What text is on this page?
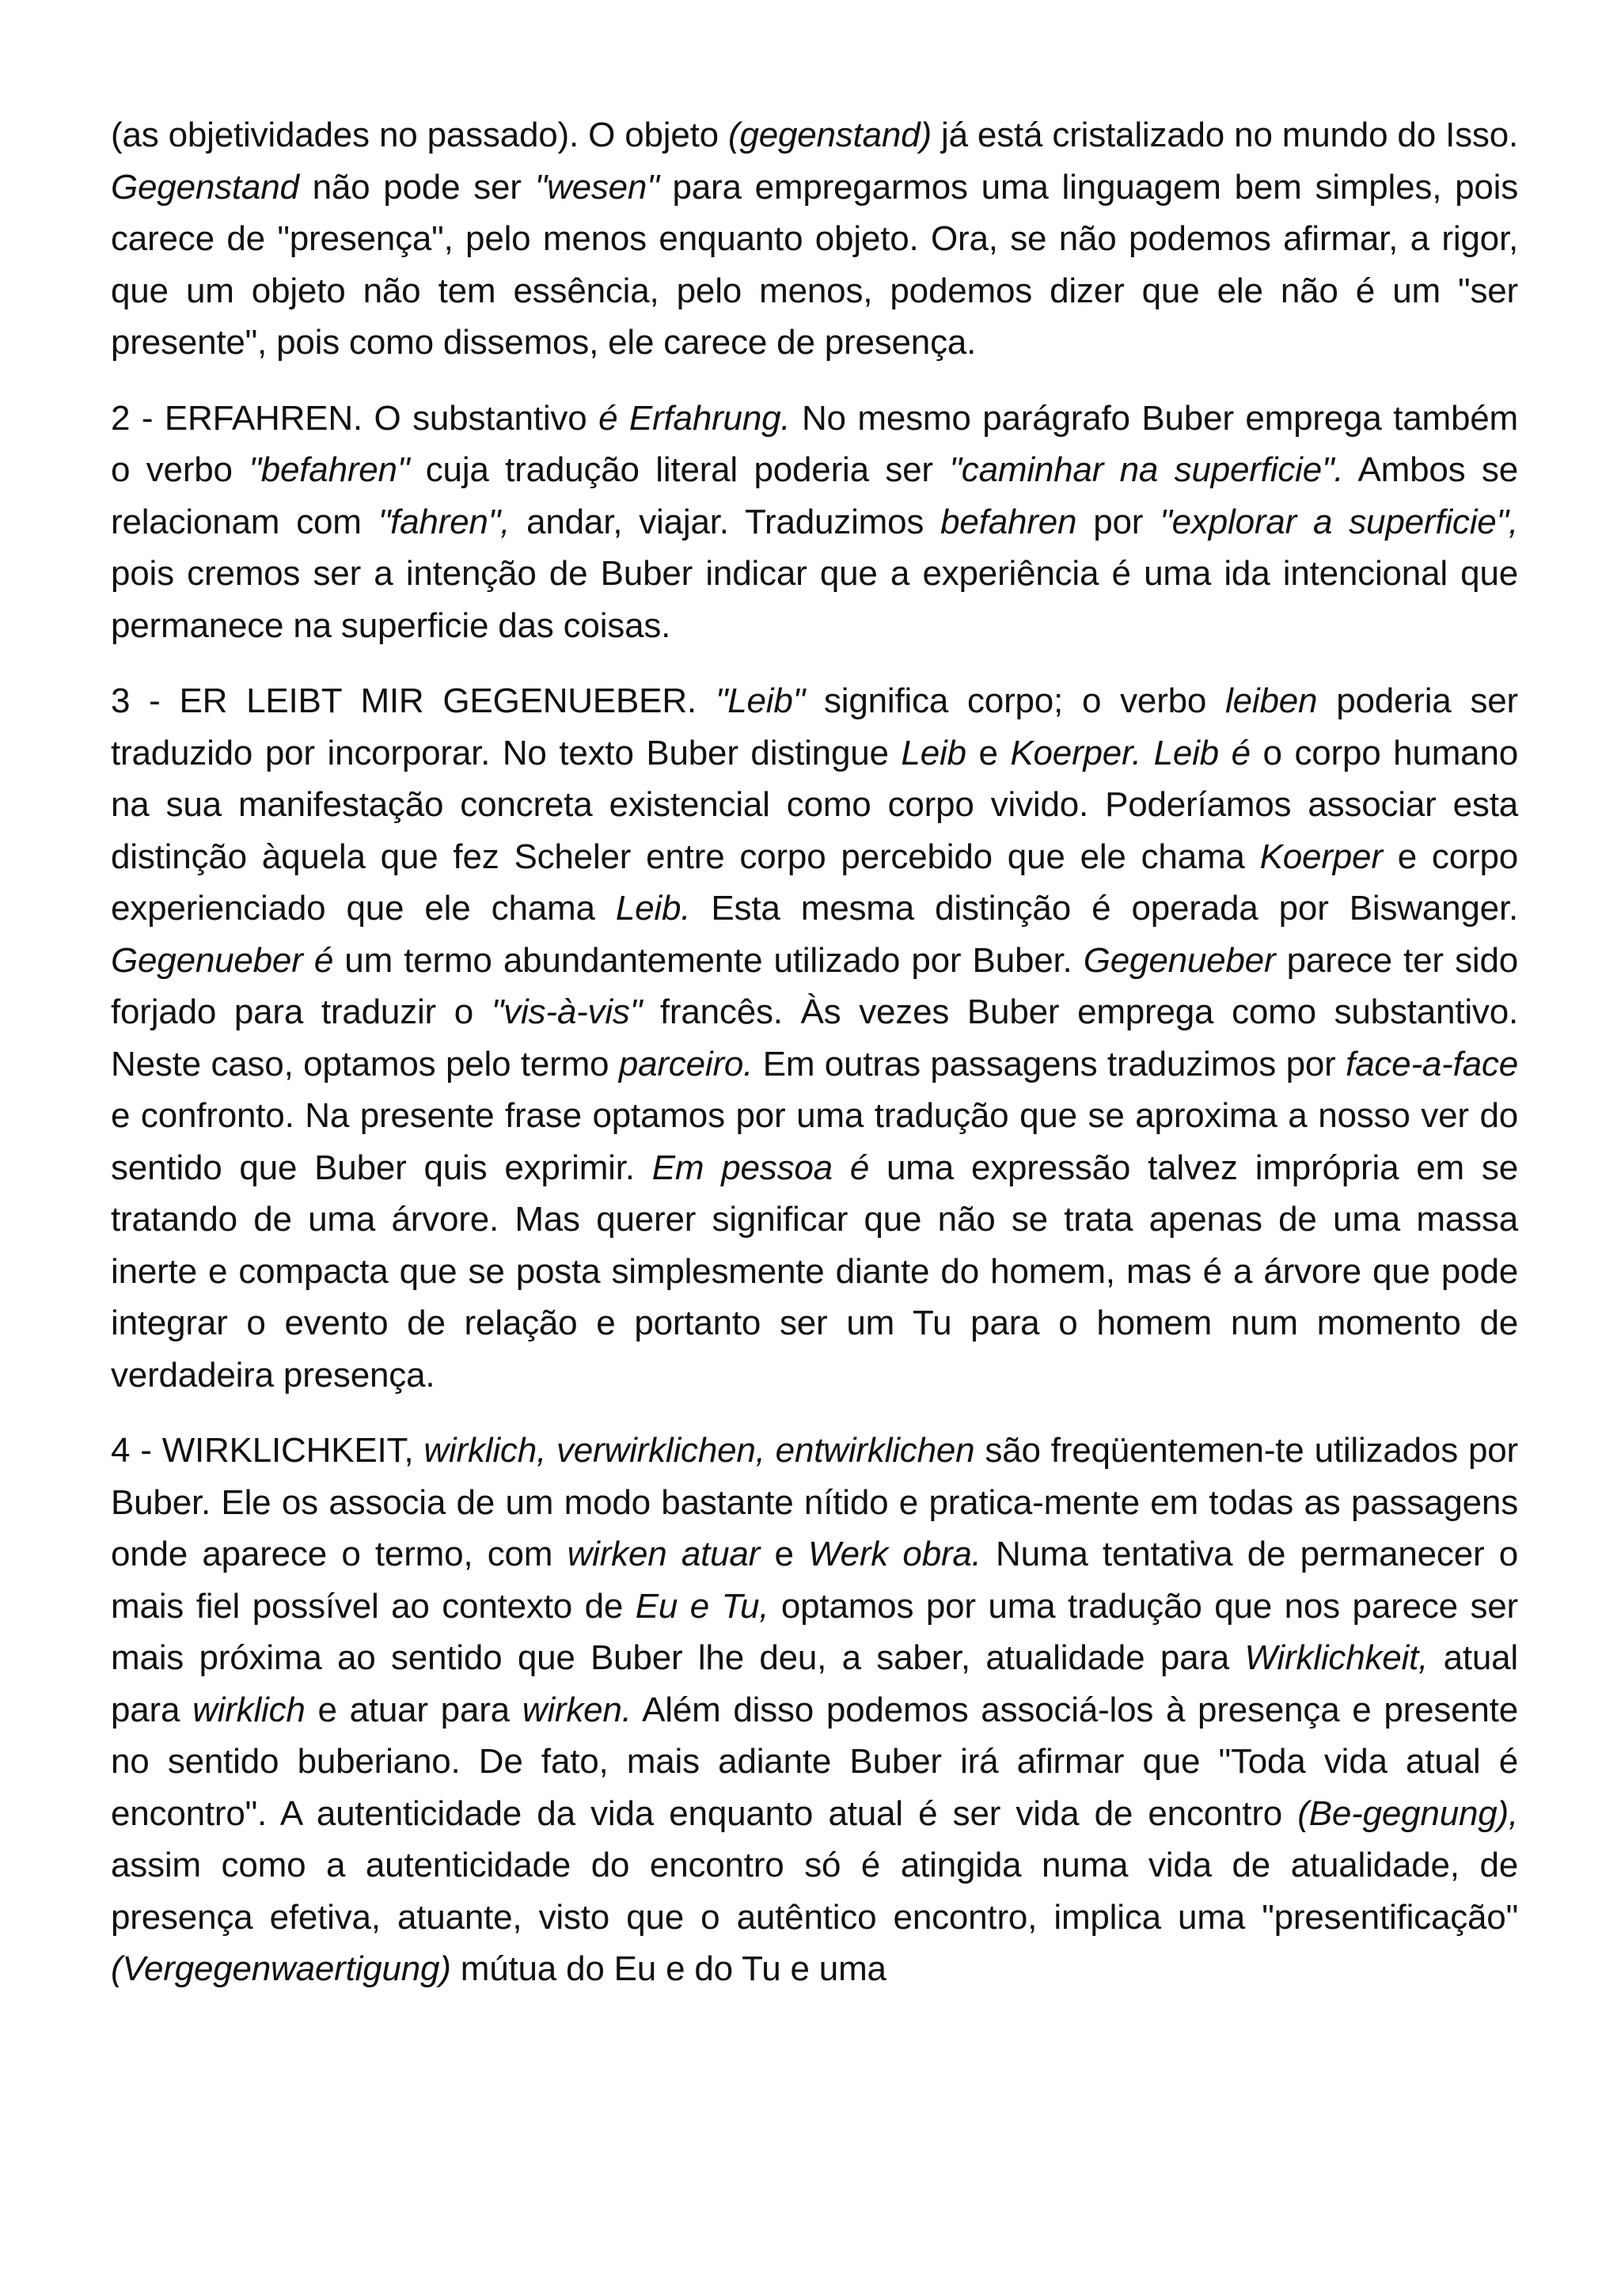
(as objetividades no passado). O objeto (gegenstand) já está cristalizado no mundo do Isso. Gegenstand não pode ser "wesen" para empregarmos uma linguagem bem simples, pois carece de "presença", pelo menos enquanto objeto. Ora, se não podemos afirmar, a rigor, que um objeto não tem essência, pelo menos, podemos dizer que ele não é um "ser presente", pois como dissemos, ele carece de presença.

2 - ERFAHREN. O substantivo é Erfahrung. No mesmo parágrafo Buber emprega também o verbo "befahren" cuja tradução literal poderia ser "caminhar na superficie". Ambos se relacionam com "fahren", andar, viajar. Traduzimos befahren por "explorar a superficie", pois cremos ser a intenção de Buber indicar que a experiência é uma ida intencional que permanece na superficie das coisas.

3 - ER LEIBT MIR GEGENUEBER. "Leib" significa corpo; o verbo leiben poderia ser traduzido por incorporar. No texto Buber distingue Leib e Koerper. Leib é o corpo humano na sua manifestação concreta existencial como corpo vivido. Poderíamos associar esta distinção àquela que fez Scheler entre corpo percebido que ele chama Koerper e corpo experienciado que ele chama Leib. Esta mesma distinção é operada por Biswanger. Gegenueber é um termo abundantemente utilizado por Buber. Gegenueber parece ter sido forjado para traduzir o "vis-à-vis" francês. Às vezes Buber emprega como substantivo. Neste caso, optamos pelo termo parceiro. Em outras passagens traduzimos por face-a-face e confronto. Na presente frase optamos por uma tradução que se aproxima a nosso ver do sentido que Buber quis exprimir. Em pessoa é uma expressão talvez imprópria em se tratando de uma árvore. Mas querer significar que não se trata apenas de uma massa inerte e compacta que se posta simplesmente diante do homem, mas é a árvore que pode integrar o evento de relação e portanto ser um Tu para o homem num momento de verdadeira presença.

4 - WIRKLICHKEIT, wirklich, verwirklichen, entwirklichen são freqüentemen-te utilizados por Buber. Ele os associa de um modo bastante nítido e pratica-mente em todas as passagens onde aparece o termo, com wirken atuar e Werk obra. Numa tentativa de permanecer o mais fiel possível ao contexto de Eu e Tu, optamos por uma tradução que nos parece ser mais próxima ao sentido que Buber lhe deu, a saber, atualidade para Wirklichkeit, atual para wirklich e atuar para wirken. Além disso podemos associá-los à presença e presente no sentido buberiano. De fato, mais adiante Buber irá afirmar que "Toda vida atual é encontro". A autenticidade da vida enquanto atual é ser vida de encontro (Be-gegnung), assim como a autenticidade do encontro só é atingida numa vida de atualidade, de presença efetiva, atuante, visto que o autêntico encontro, implica uma "presentificação" (Vergegenwaertigung) mútua do Eu e do Tu e uma
